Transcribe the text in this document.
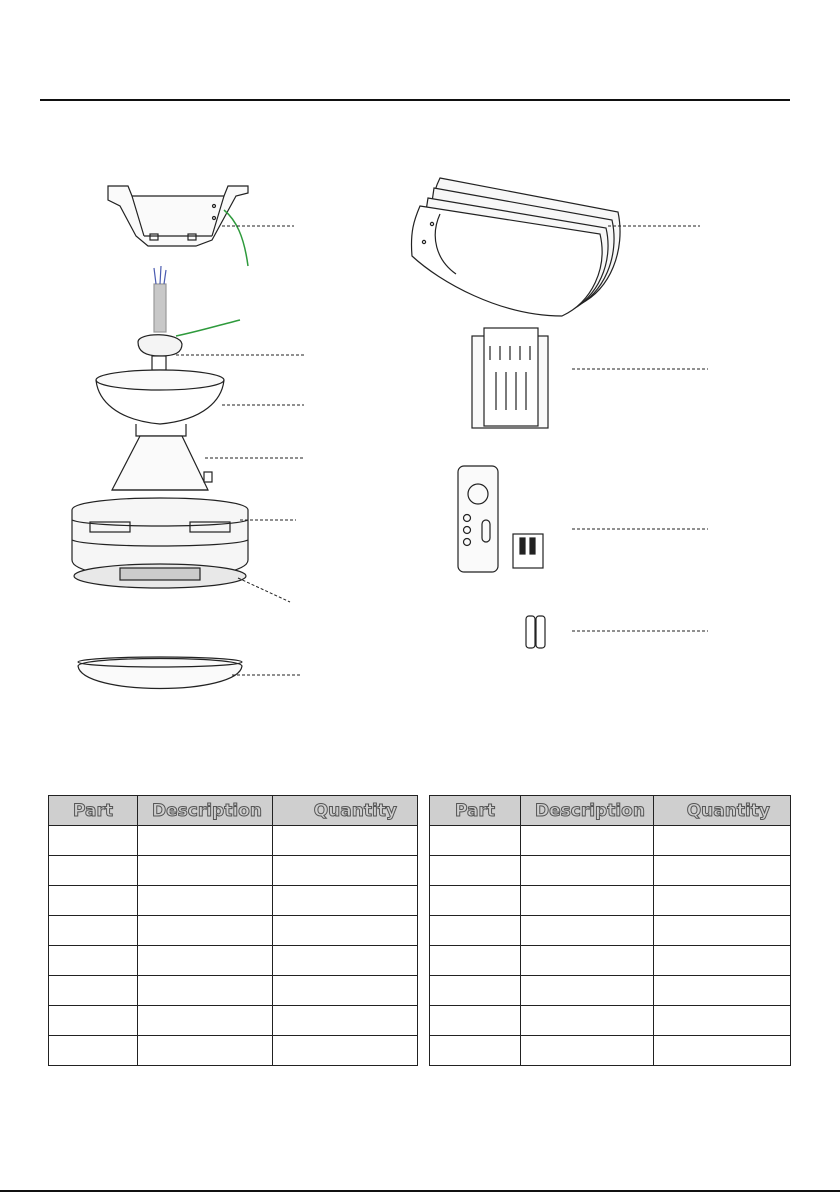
Part	Description	Quantity

			Part	Description	Quantity
